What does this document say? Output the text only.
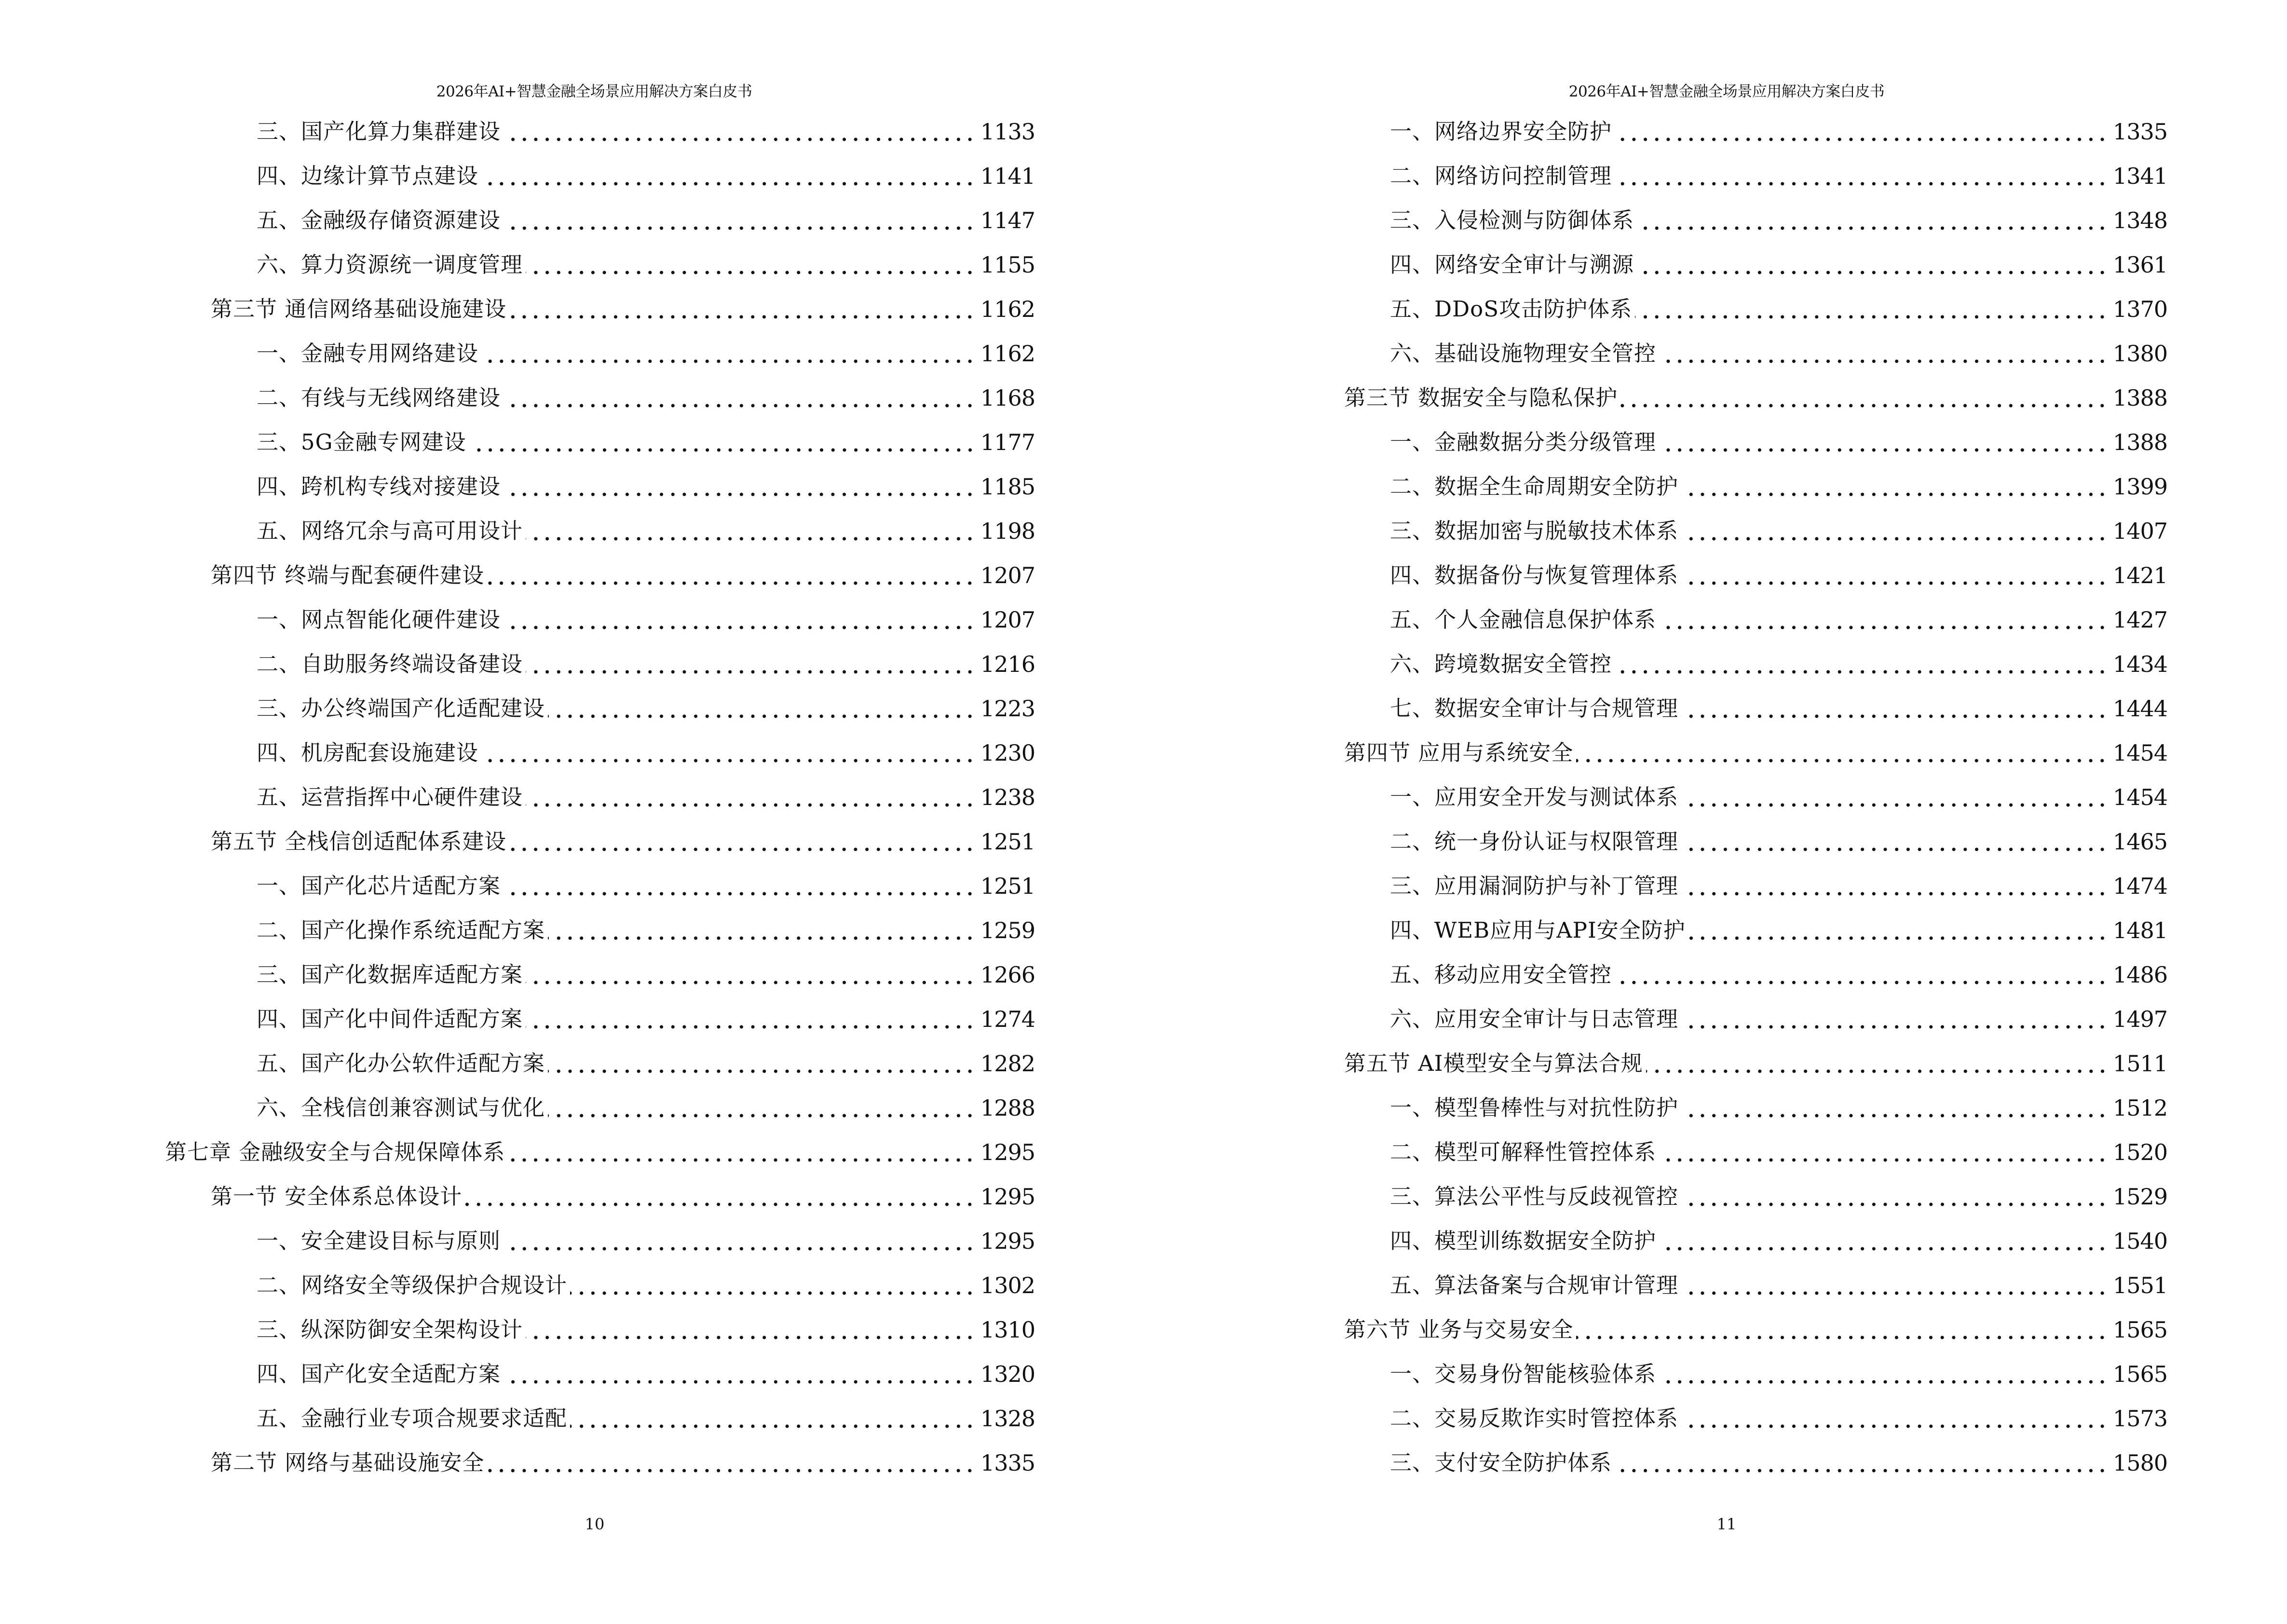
2026年AI+智慧金融全场景应用解决方案白皮书
三、国产化算力集群建设	1133
四、边缘计算节点建设	1141
五、金融级存储资源建设	1147
六、算力资源统一调度管理	1155
第三节 通信网络基础设施建设	1162
一、金融专用网络建设	1162
二、有线与无线网络建设	1168
三、5G金融专网建设	1177
四、跨机构专线对接建设	1185
五、网络冗余与高可用设计	1198
第四节 终端与配套硬件建设	1207
一、网点智能化硬件建设	1207
二、自助服务终端设备建设	1216
三、办公终端国产化适配建设	1223
四、机房配套设施建设	1230
五、运营指挥中心硬件建设	1238
第五节 全栈信创适配体系建设	1251
一、国产化芯片适配方案	1251
二、国产化操作系统适配方案	1259
三、国产化数据库适配方案	1266
四、国产化中间件适配方案	1274
五、国产化办公软件适配方案	1282
六、全栈信创兼容测试与优化	1288
第七章 金融级安全与合规保障体系	1295
第一节 安全体系总体设计	1295
一、安全建设目标与原则	1295
二、网络安全等级保护合规设计	1302
三、纵深防御安全架构设计	1310
四、国产化安全适配方案	1320
五、金融行业专项合规要求适配	1328
第二节 网络与基础设施安全	1335
10
2026年AI+智慧金融全场景应用解决方案白皮书
一、网络边界安全防护	1335
二、网络访问控制管理	1341
三、入侵检测与防御体系	1348
四、网络安全审计与溯源	1361
五、DDoS攻击防护体系	1370
六、基础设施物理安全管控	1380
第三节 数据安全与隐私保护	1388
一、金融数据分类分级管理	1388
二、数据全生命周期安全防护	1399
三、数据加密与脱敏技术体系	1407
四、数据备份与恢复管理体系	1421
五、个人金融信息保护体系	1427
六、跨境数据安全管控	1434
七、数据安全审计与合规管理	1444
第四节 应用与系统安全	1454
一、应用安全开发与测试体系	1454
二、统一身份认证与权限管理	1465
三、应用漏洞防护与补丁管理	1474
四、WEB应用与API安全防护	1481
五、移动应用安全管控	1486
六、应用安全审计与日志管理	1497
第五节 AI模型安全与算法合规	1511
一、模型鲁棒性与对抗性防护	1512
二、模型可解释性管控体系	1520
三、算法公平性与反歧视管控	1529
四、模型训练数据安全防护	1540
五、算法备案与合规审计管理	1551
第六节 业务与交易安全	1565
一、交易身份智能核验体系	1565
二、交易反欺诈实时管控体系	1573
三、支付安全防护体系	1580
11
